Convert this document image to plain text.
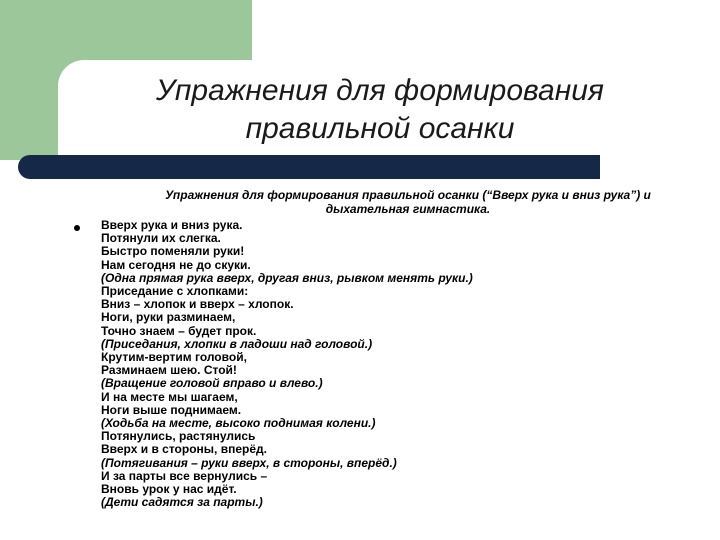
Упражнения для формирования
правильной осанки
Упражнения для формирования правильной осанки (“Вверх рука и вниз рука”) и дыхательная гимнастика.
Вверх рука и вниз рука.
Потянули их слегка.
Быстро поменяли руки!
Нам сегодня не до скуки.
(Одна прямая рука вверх, другая вниз, рывком менять руки.)
Приседание с хлопками:
Вниз – хлопок и вверх – хлопок.
Ноги, руки разминаем,
Точно знаем – будет прок.
(Приседания, хлопки в ладоши над головой.)
Крутим-вертим головой,
Разминаем шею. Стой!
(Вращение головой вправо и влево.)
И на месте мы шагаем,
Ноги выше поднимаем.
(Ходьба на месте, высоко поднимая колени.)
Потянулись, растянулись
Вверх и в стороны, вперёд.
(Потягивания – руки вверх, в стороны, вперёд.)
И за парты все вернулись –
Вновь урок у нас идёт.
(Дети садятся за парты.)
